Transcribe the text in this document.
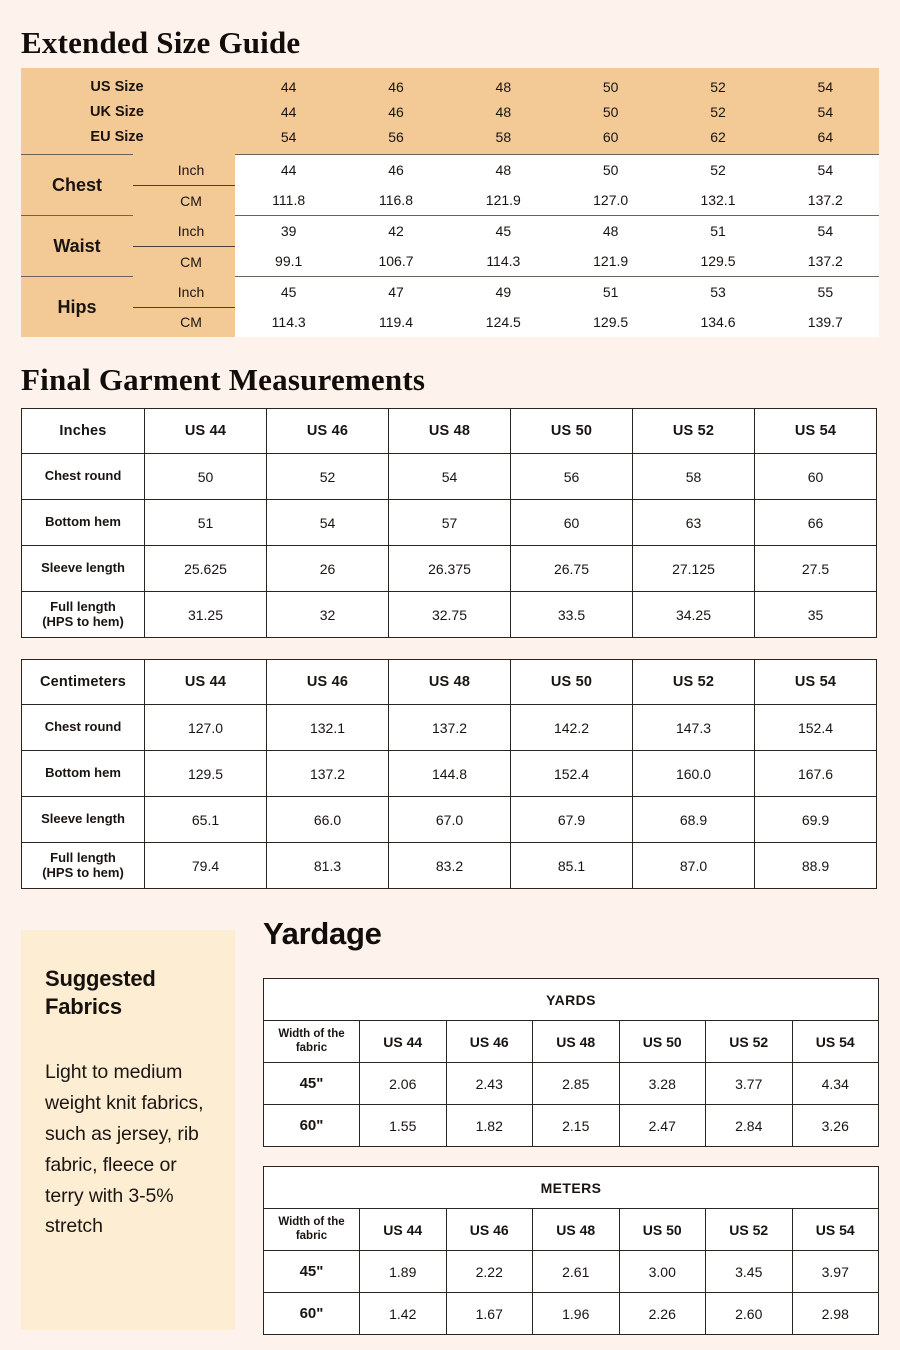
Extended Size Guide
Final Garment Measurements
Yardage
US Size		44	46	48	50	52	54
UK Size		44	46	48	50	52	54
EU Size		54	56	58	60	62	64
Chest	Inch	44	46	48	50	52	54
	CM	111.8	116.8	121.9	127.0	132.1	137.2
Waist	Inch	39	42	45	48	51	54
	CM	99.1	106.7	114.3	121.9	129.5	137.2
Hips	Inch	45	47	49	51	53	55
	CM	114.3	119.4	124.5	129.5	134.6	139.7
Inches	US 44	US 46	US 48	US 50	US 52	US 54
Chest round	50	52	54	56	58	60
Bottom hem	51	54	57	60	63	66
Sleeve length	25.625	26	26.375	26.75	27.125	27.5
Full length
(HPS to hem)	31.25	32	32.75	33.5	34.25	35
Centimeters	US 44	US 46	US 48	US 50	US 52	US 54
Chest round	127.0	132.1	137.2	142.2	147.3	152.4
Bottom hem	129.5	137.2	144.8	152.4	160.0	167.6
Sleeve length	65.1	66.0	67.0	67.9	68.9	69.9
Full length
(HPS to hem)	79.4	81.3	83.2	85.1	87.0	88.9
Suggested
Fabrics
Light to medium weight knit fabrics, such as jersey, rib fabric, fleece or terry with 3-5% stretch
YARDS						
Width of the
fabric	US 44	US 46	US 48	US 50	US 52	US 54
45"	2.06	2.43	2.85	3.28	3.77	4.34
60"	1.55	1.82	2.15	2.47	2.84	3.26
METERS						
Width of the
fabric	US 44	US 46	US 48	US 50	US 52	US 54
45"	1.89	2.22	2.61	3.00	3.45	3.97
60"	1.42	1.67	1.96	2.26	2.60	2.98
